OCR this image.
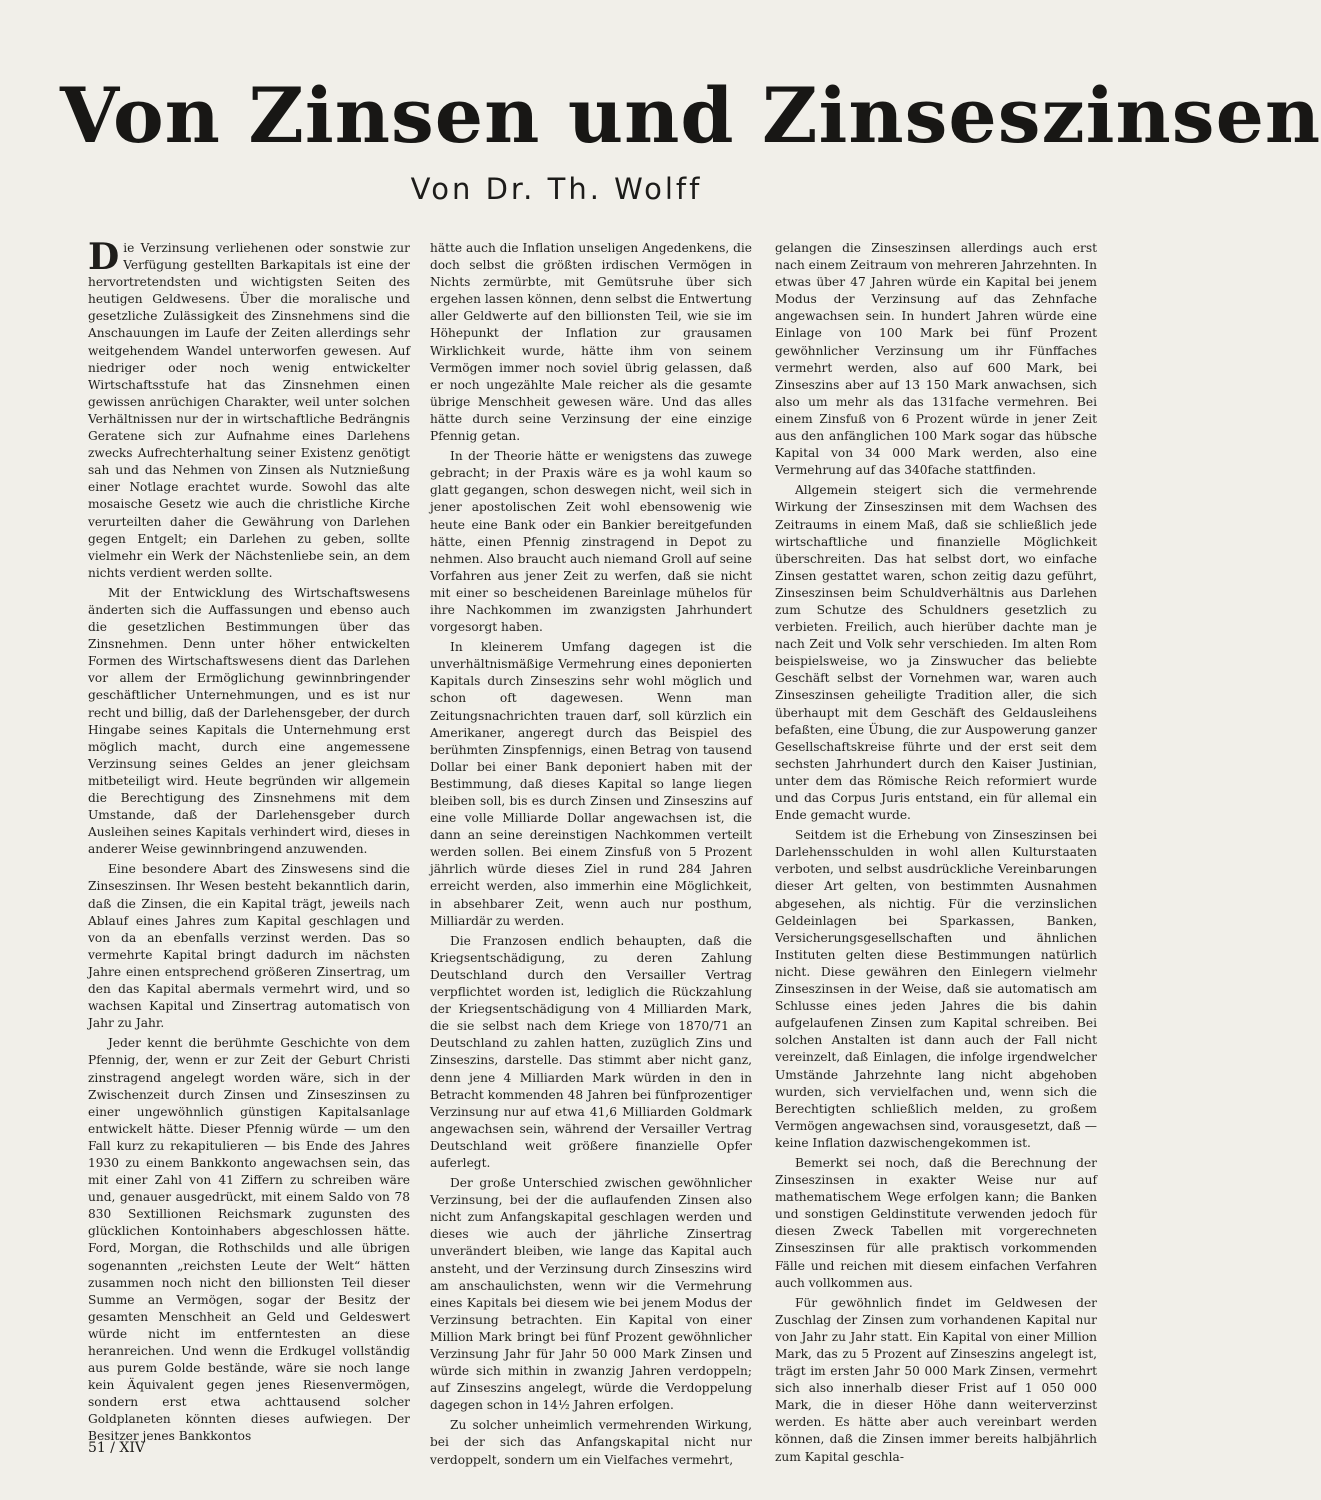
Von Zinsen und Zinseszinsen
Von Dr. Th. Wolff

Die Verzinsung verliehenen oder sonstwie zur Verfügung gestellten Barkapitals ist eine der hervortretendsten und wichtigsten Seiten des heutigen Geldwesens. Über die moralische und gesetzliche Zulässigkeit des Zinsnehmens sind die Anschauungen im Laufe der Zeiten allerdings sehr weitgehendem Wandel unterworfen gewesen. Auf niedriger oder noch wenig entwickelter Wirtschaftsstufe hat das Zinsnehmen einen gewissen anrüchigen Charakter, weil unter solchen Verhältnissen nur der in wirtschaftliche Bedrängnis Geratene sich zur Aufnahme eines Darlehens zwecks Aufrechterhaltung seiner Existenz genötigt sah und das Nehmen von Zinsen als Nutznießung einer Notlage erachtet wurde. Sowohl das alte mosaische Gesetz wie auch die christliche Kirche verurteilten daher die Gewährung von Darlehen gegen Entgelt; ein Darlehen zu geben, sollte vielmehr ein Werk der Nächstenliebe sein, an dem nichts verdient werden sollte.

Mit der Entwicklung des Wirtschaftswesens änderten sich die Auffassungen und ebenso auch die gesetzlichen Bestimmungen über das Zinsnehmen. Denn unter höher entwickelten Formen des Wirtschaftswesens dient das Darlehen vor allem der Ermöglichung gewinnbringender geschäftlicher Unternehmungen, und es ist nur recht und billig, daß der Darlehensgeber, der durch Hingabe seines Kapitals die Unternehmung erst möglich macht, durch eine angemessene Verzinsung seines Geldes an jener gleichsam mitbeteiligt wird. Heute begründen wir allgemein die Berechtigung des Zinsnehmens mit dem Umstande, daß der Darlehensgeber durch Ausleihen seines Kapitals verhindert wird, dieses in anderer Weise gewinnbringend anzuwenden.

Eine besondere Abart des Zinswesens sind die Zinseszinsen. Ihr Wesen besteht bekanntlich darin, daß die Zinsen, die ein Kapital trägt, jeweils nach Ablauf eines Jahres zum Kapital geschlagen und von da an ebenfalls verzinst werden. Das so vermehrte Kapital bringt dadurch im nächsten Jahre einen entsprechend größeren Zinsertrag, um den das Kapital abermals vermehrt wird, und so wachsen Kapital und Zinsertrag automatisch von Jahr zu Jahr.

Jeder kennt die berühmte Geschichte von dem Pfennig, der, wenn er zur Zeit der Geburt Christi zinstragend angelegt worden wäre, sich in der Zwischenzeit durch Zinsen und Zinseszinsen zu einer ungewöhnlich günstigen Kapitalsanlage entwickelt hätte. Dieser Pfennig würde — um den Fall kurz zu rekapitulieren — bis Ende des Jahres 1930 zu einem Bankkonto angewachsen sein, das mit einer Zahl von 41 Ziffern zu schreiben wäre und, genauer ausgedrückt, mit einem Saldo von 78 830 Sextillionen Reichsmark zugunsten des glücklichen Kontoinhabers abgeschlossen hätte. Ford, Morgan, die Rothschilds und alle übrigen sogenannten „reichsten Leute der Welt“ hätten zusammen noch nicht den billionsten Teil dieser Summe an Vermögen, sogar der Besitz der gesamten Menschheit an Geld und Geldeswert würde nicht im entferntesten an diese heranreichen. Und wenn die Erdkugel vollständig aus purem Golde bestände, wäre sie noch lange kein Äquivalent gegen jenes Riesenvermögen, sondern erst etwa achttausend solcher Goldplaneten könnten dieses aufwiegen. Der Besitzer jenes Bankkontos

hätte auch die Inflation unseligen Angedenkens, die doch selbst die größten irdischen Vermögen in Nichts zermürbte, mit Gemütsruhe über sich ergehen lassen können, denn selbst die Entwertung aller Geldwerte auf den billionsten Teil, wie sie im Höhepunkt der Inflation zur grausamen Wirklichkeit wurde, hätte ihm von seinem Vermögen immer noch soviel übrig gelassen, daß er noch ungezählte Male reicher als die gesamte übrige Menschheit gewesen wäre. Und das alles hätte durch seine Verzinsung der eine einzige Pfennig getan.

In der Theorie hätte er wenigstens das zuwege gebracht; in der Praxis wäre es ja wohl kaum so glatt gegangen, schon deswegen nicht, weil sich in jener apostolischen Zeit wohl ebensowenig wie heute eine Bank oder ein Bankier bereitgefunden hätte, einen Pfennig zinstragend in Depot zu nehmen. Also braucht auch niemand Groll auf seine Vorfahren aus jener Zeit zu werfen, daß sie nicht mit einer so bescheidenen Bareinlage mühelos für ihre Nachkommen im zwanzigsten Jahrhundert vorgesorgt haben.

In kleinerem Umfang dagegen ist die unverhältnismäßige Vermehrung eines deponierten Kapitals durch Zinseszins sehr wohl möglich und schon oft dagewesen. Wenn man Zeitungsnachrichten trauen darf, soll kürzlich ein Amerikaner, angeregt durch das Beispiel des berühmten Zinspfennigs, einen Betrag von tausend Dollar bei einer Bank deponiert haben mit der Bestimmung, daß dieses Kapital so lange liegen bleiben soll, bis es durch Zinsen und Zinseszins auf eine volle Milliarde Dollar angewachsen ist, die dann an seine dereinstigen Nachkommen verteilt werden sollen. Bei einem Zinsfuß von 5 Prozent jährlich würde dieses Ziel in rund 284 Jahren erreicht werden, also immerhin eine Möglichkeit, in absehbarer Zeit, wenn auch nur posthum, Milliardär zu werden.

Die Franzosen endlich behaupten, daß die Kriegsentschädigung, zu deren Zahlung Deutschland durch den Versailler Vertrag verpflichtet worden ist, lediglich die Rückzahlung der Kriegsentschädigung von 4 Milliarden Mark, die sie selbst nach dem Kriege von 1870/71 an Deutschland zu zahlen hatten, zuzüglich Zins und Zinseszins, darstelle. Das stimmt aber nicht ganz, denn jene 4 Milliarden Mark würden in den in Betracht kommenden 48 Jahren bei fünfprozentiger Verzinsung nur auf etwa 41,6 Milliarden Goldmark angewachsen sein, während der Versailler Vertrag Deutschland weit größere finanzielle Opfer auferlegt.

Der große Unterschied zwischen gewöhnlicher Verzinsung, bei der die auflaufenden Zinsen also nicht zum Anfangskapital geschlagen werden und dieses wie auch der jährliche Zinsertrag unverändert bleiben, wie lange das Kapital auch ansteht, und der Verzinsung durch Zinseszins wird am anschaulichsten, wenn wir die Vermehrung eines Kapitals bei diesem wie bei jenem Modus der Verzinsung betrachten. Ein Kapital von einer Million Mark bringt bei fünf Prozent gewöhnlicher Verzinsung Jahr für Jahr 50 000 Mark Zinsen und würde sich mithin in zwanzig Jahren verdoppeln; auf Zinseszins angelegt, würde die Verdoppelung dagegen schon in 14½ Jahren erfolgen.

Zu solcher unheimlich vermehrenden Wirkung, bei der sich das Anfangskapital nicht nur verdoppelt, sondern um ein Vielfaches vermehrt,

gelangen die Zinseszinsen allerdings auch erst nach einem Zeitraum von mehreren Jahrzehnten. In etwas über 47 Jahren würde ein Kapital bei jenem Modus der Verzinsung auf das Zehnfache angewachsen sein. In hundert Jahren würde eine Einlage von 100 Mark bei fünf Prozent gewöhnlicher Verzinsung um ihr Fünffaches vermehrt werden, also auf 600 Mark, bei Zinseszins aber auf 13 150 Mark anwachsen, sich also um mehr als das 131fache vermehren. Bei einem Zinsfuß von 6 Prozent würde in jener Zeit aus den anfänglichen 100 Mark sogar das hübsche Kapital von 34 000 Mark werden, also eine Vermehrung auf das 340fache stattfinden.

Allgemein steigert sich die vermehrende Wirkung der Zinseszinsen mit dem Wachsen des Zeitraums in einem Maß, daß sie schließlich jede wirtschaftliche und finanzielle Möglichkeit überschreiten. Das hat selbst dort, wo einfache Zinsen gestattet waren, schon zeitig dazu geführt, Zinseszinsen beim Schuldverhältnis aus Darlehen zum Schutze des Schuldners gesetzlich zu verbieten. Freilich, auch hierüber dachte man je nach Zeit und Volk sehr verschieden. Im alten Rom beispielsweise, wo ja Zinswucher das beliebte Geschäft selbst der Vornehmen war, waren auch Zinseszinsen geheiligte Tradition aller, die sich überhaupt mit dem Geschäft des Geldausleihens befaßten, eine Übung, die zur Auspowerung ganzer Gesellschaftskreise führte und der erst seit dem sechsten Jahrhundert durch den Kaiser Justinian, unter dem das Römische Reich reformiert wurde und das Corpus Juris entstand, ein für allemal ein Ende gemacht wurde.

Seitdem ist die Erhebung von Zinseszinsen bei Darlehensschulden in wohl allen Kulturstaaten verboten, und selbst ausdrückliche Vereinbarungen dieser Art gelten, von bestimmten Ausnahmen abgesehen, als nichtig. Für die verzinslichen Geldeinlagen bei Sparkassen, Banken, Versicherungsgesellschaften und ähnlichen Instituten gelten diese Bestimmungen natürlich nicht. Diese gewähren den Einlegern vielmehr Zinseszinsen in der Weise, daß sie automatisch am Schlusse eines jeden Jahres die bis dahin aufgelaufenen Zinsen zum Kapital schreiben. Bei solchen Anstalten ist dann auch der Fall nicht vereinzelt, daß Einlagen, die infolge irgendwelcher Umstände Jahrzehnte lang nicht abgehoben wurden, sich vervielfachen und, wenn sich die Berechtigten schließlich melden, zu großem Vermögen angewachsen sind, vorausgesetzt, daß — keine Inflation dazwischengekommen ist.

Bemerkt sei noch, daß die Berechnung der Zinseszinsen in exakter Weise nur auf mathematischem Wege erfolgen kann; die Banken und sonstigen Geldinstitute verwenden jedoch für diesen Zweck Tabellen mit vorgerechneten Zinseszinsen für alle praktisch vorkommenden Fälle und reichen mit diesem einfachen Verfahren auch vollkommen aus.

Für gewöhnlich findet im Geldwesen der Zuschlag der Zinsen zum vorhandenen Kapital nur von Jahr zu Jahr statt. Ein Kapital von einer Million Mark, das zu 5 Prozent auf Zinseszins angelegt ist, trägt im ersten Jahr 50 000 Mark Zinsen, vermehrt sich also innerhalb dieser Frist auf 1 050 000 Mark, die in dieser Höhe dann weiterverzinst werden. Es hätte aber auch vereinbart werden können, daß die Zinsen immer bereits halbjährlich zum Kapital geschla-

51 / XIV
